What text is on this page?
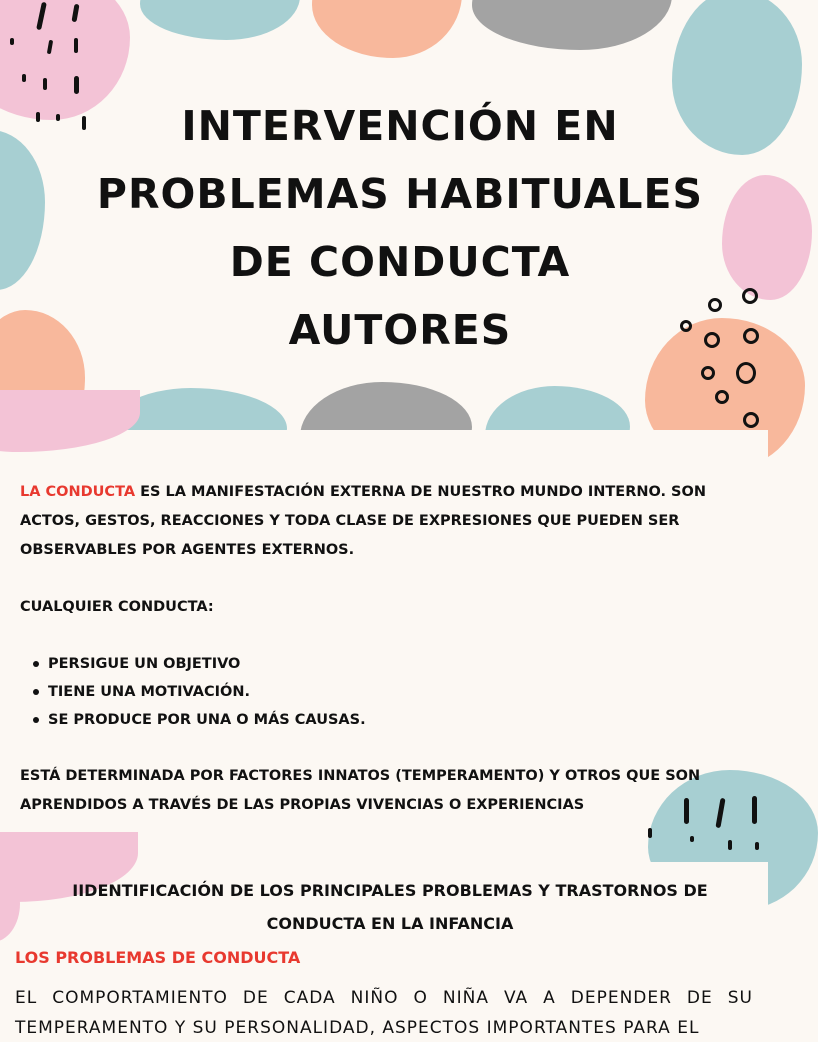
INTERVENCIÓN EN
PROBLEMAS HABITUALES
DE CONDUCTA
AUTORES

LA CONDUCTA ES LA MANIFESTACIÓN EXTERNA DE NUESTRO MUNDO INTERNO. SON ACTOS, GESTOS, REACCIONES Y TODA CLASE DE EXPRESIONES QUE PUEDEN SER OBSERVABLES POR AGENTES EXTERNOS.

CUALQUIER CONDUCTA:

PERSIGUE UN OBJETIVO
TIENE UNA MOTIVACIÓN.
SE PRODUCE POR UNA O MÁS CAUSAS.

ESTÁ DETERMINADA POR FACTORES INNATOS (TEMPERAMENTO) Y OTROS QUE SON APRENDIDOS A TRAVÉS DE LAS PROPIAS VIVENCIAS O EXPERIENCIAS

IIDENTIFICACIÓN DE LOS PRINCIPALES PROBLEMAS Y TRASTORNOS DE CONDUCTA EN LA INFANCIA
LOS PROBLEMAS DE CONDUCTA
EL COMPORTAMIENTO DE CADA NIÑO O NIÑA VA A DEPENDER DE SU
TEMPERAMENTO Y SU PERSONALIDAD, ASPECTOS IMPORTANTES PARA EL
